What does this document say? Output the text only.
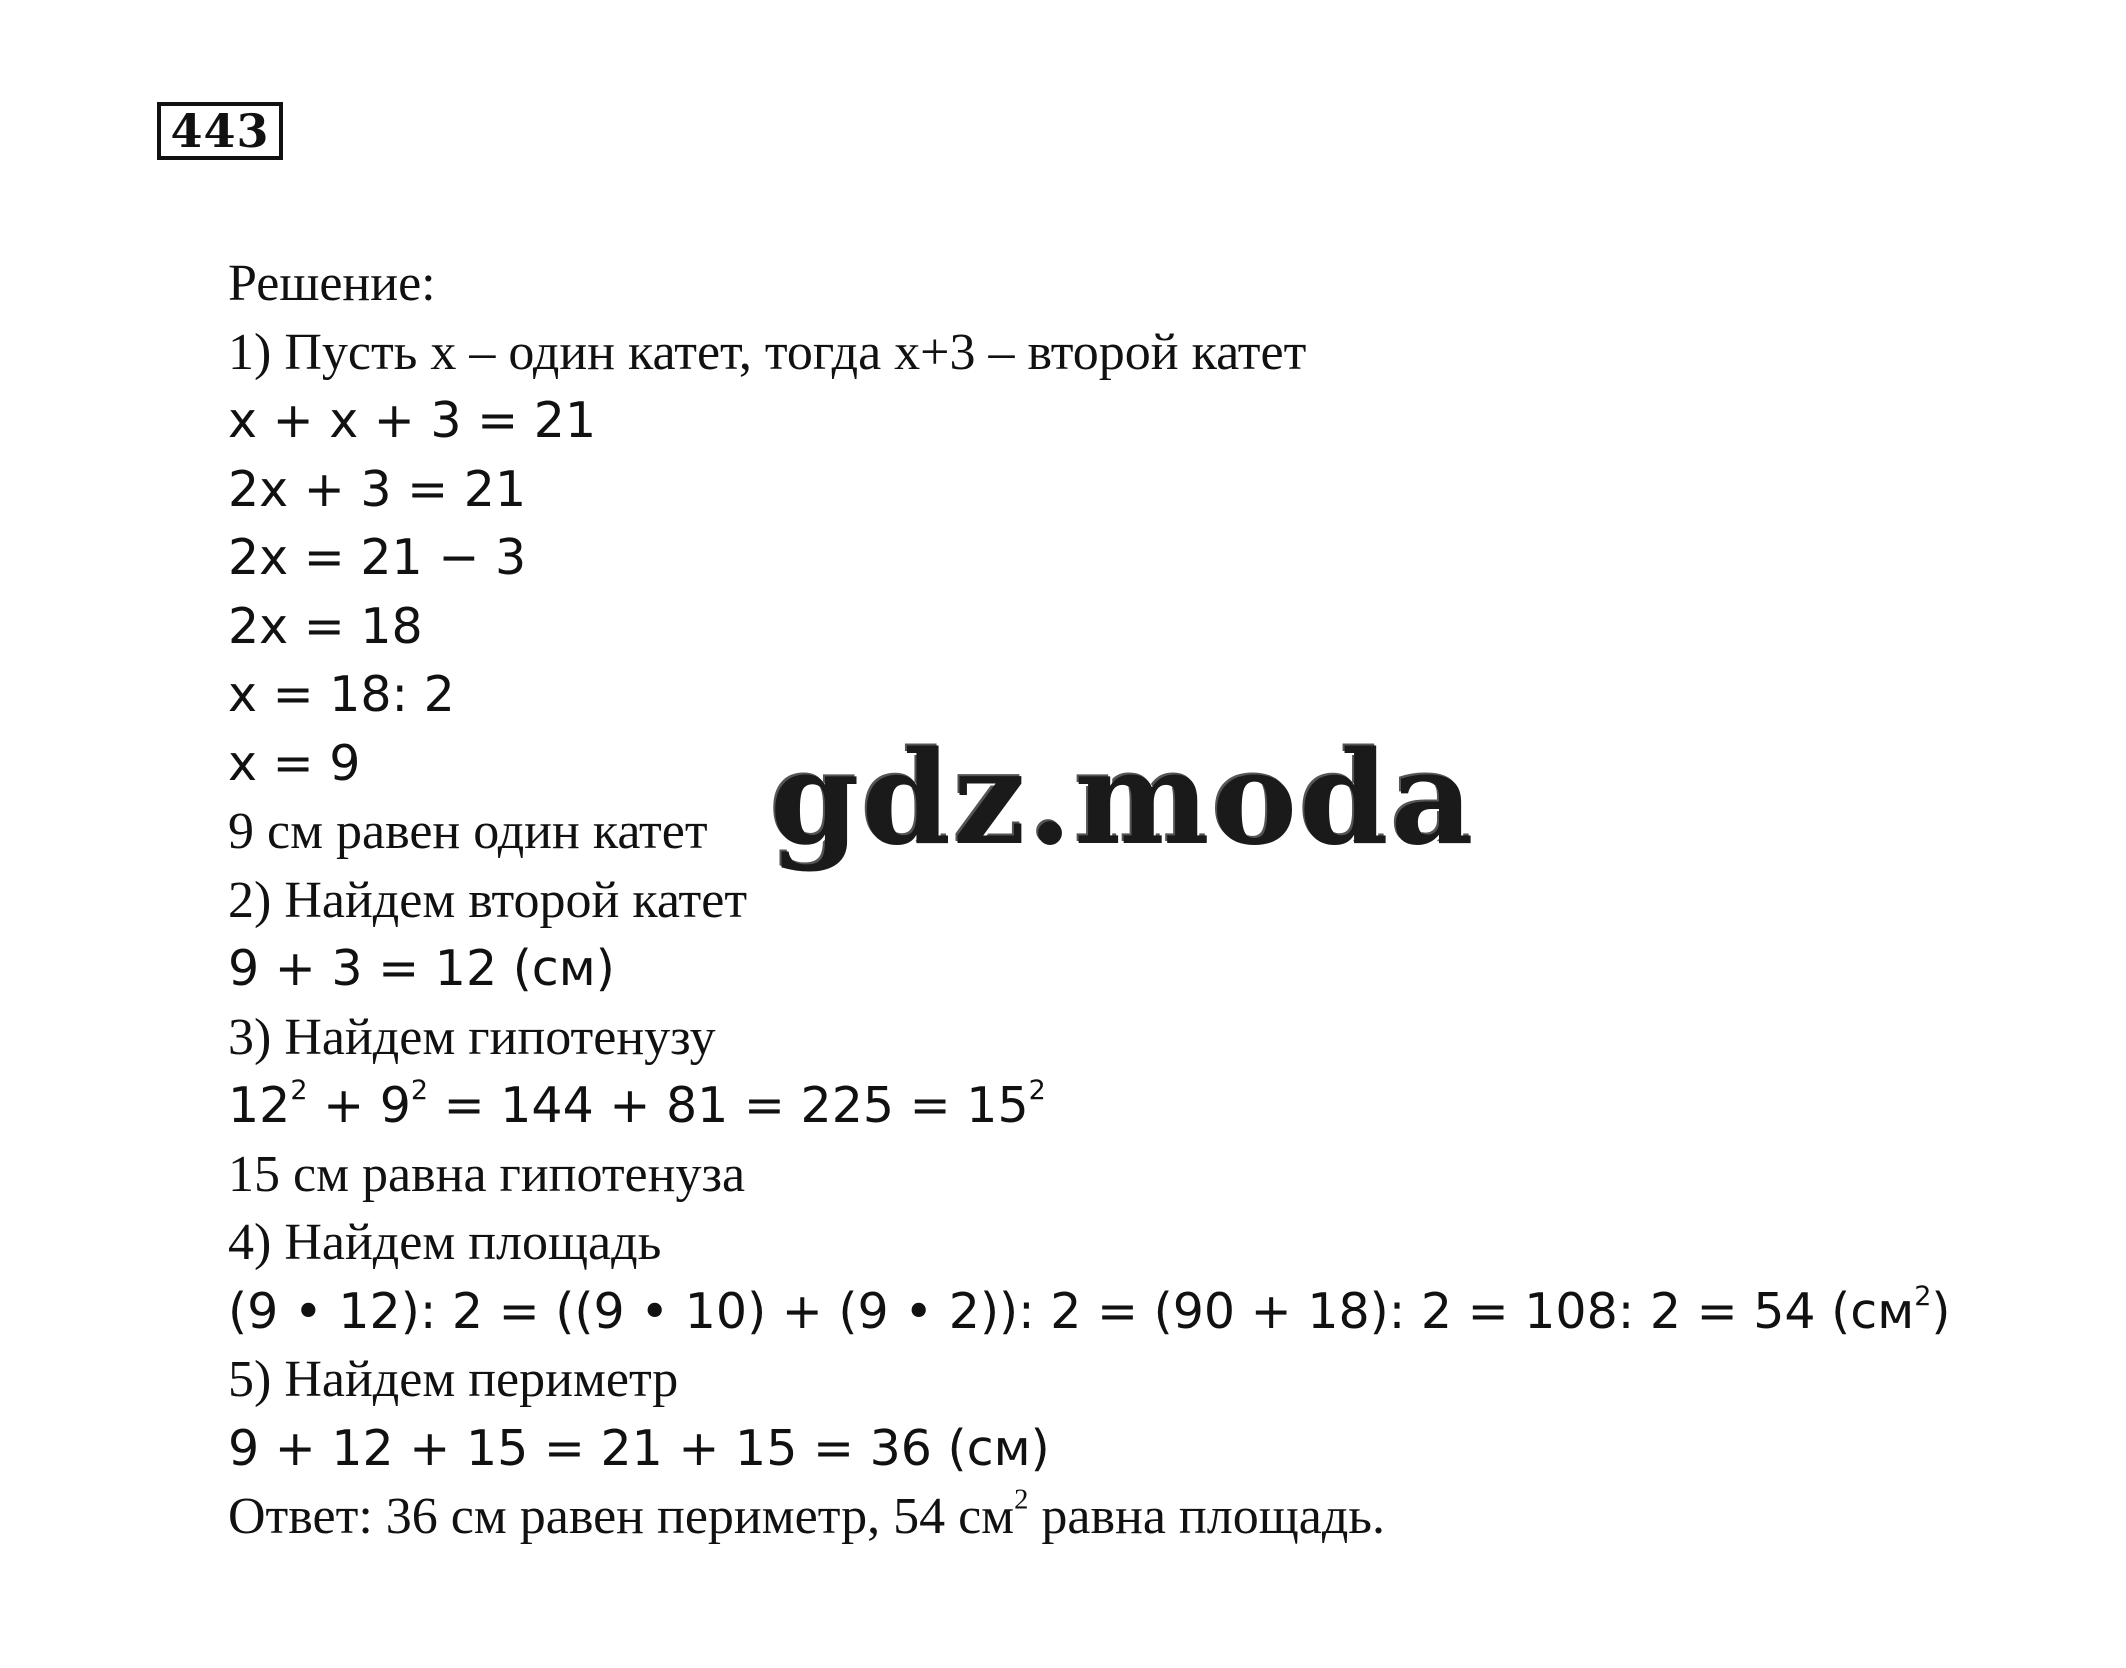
443
Решение:
1) Пусть х – один катет, тогда х+3 – второй катет
x + x + 3 = 21
2x + 3 = 21
2x = 21 − 3
2x = 18
x = 18: 2
x = 9
9 см равен один катет
2) Найдем второй катет
9 + 3 = 12 (см)
3) Найдем гипотенузу
$12^2 + 9^2 = 144 + 81 = 225 = 15^2$
15 см равна гипотенуза
4) Найдем площадь
(9 • 12): 2 = ((9 • 10) + (9 • 2)): 2 = (90 + 18): 2 = 108: 2 = 54 $(см^2)$
5) Найдем периметр
9 + 12 + 15 = 21 + 15 = 36 (см)
Ответ: 36 см равен периметр, 54 $см^2$ равна площадь.
gdz.moda
